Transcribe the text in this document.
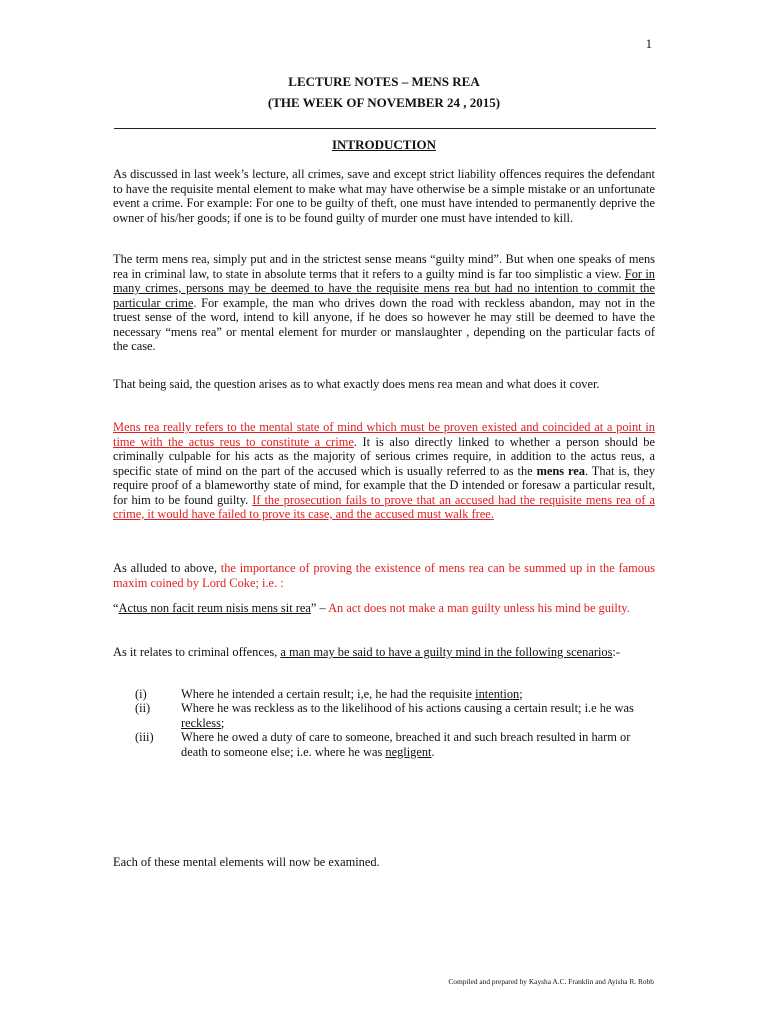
1
LECTURE NOTES – MENS REA
(THE WEEK OF NOVEMBER 24 , 2015)
INTRODUCTION
As discussed in last week’s lecture, all crimes, save and except strict liability offences requires the defendant to have the requisite mental element to make what may have otherwise be a simple mistake or an unfortunate event a crime. For example: For one to be guilty of theft, one must have intended to permanently deprive the owner of his/her goods; if one is to be found guilty of murder one must have intended to kill.
The term mens rea, simply put and in the strictest sense means “guilty mind”. But when one speaks of mens rea in criminal law, to state in absolute terms that it refers to a guilty mind is far too simplistic a view. For in many crimes, persons may be deemed to have the requisite mens rea but had no intention to commit the particular crime. For example, the man who drives down the road with reckless abandon, may not in the truest sense of the word, intend to kill anyone, if he does so however he may still be deemed to have the necessary “mens rea” or mental element for murder or manslaughter , depending on the particular facts of the case.
That being said, the question arises as to what exactly does mens rea mean and what does it cover.
Mens rea really refers to the mental state of mind which must be proven existed and coincided at a point in time with the actus reus to constitute a crime. It is also directly linked to whether a person should be criminally culpable for his acts as the majority of serious crimes require, in addition to the actus reus, a specific state of mind on the part of the accused which is usually referred to as the mens rea. That is, they require proof of a blameworthy state of mind, for example that the D intended or foresaw a particular result, for him to be found guilty. If the prosecution fails to prove that an accused had the requisite mens rea of a crime, it would have failed to prove its case, and the accused must walk free.
As alluded to above, the importance of proving the existence of mens rea can be summed up in the famous maxim coined by Lord Coke; i.e. :
“Actus non facit reum nisis mens sit rea” – An act does not make a man guilty unless his mind be guilty.
As it relates to criminal offences, a man may be said to have a guilty mind in the following scenarios:-
(i)	Where he intended a certain result; i,e, he had the requisite intention;
(ii)	Where he was reckless as to the likelihood of his actions causing a certain result; i.e he was reckless;
(iii)	Where he owed a duty of care to someone, breached it and such breach resulted in harm or death to someone else; i.e. where he was negligent.
Each of these mental elements will now be examined.
Compiled and prepared by Kaysha A.C. Franklin and Ayisha R. Robb
